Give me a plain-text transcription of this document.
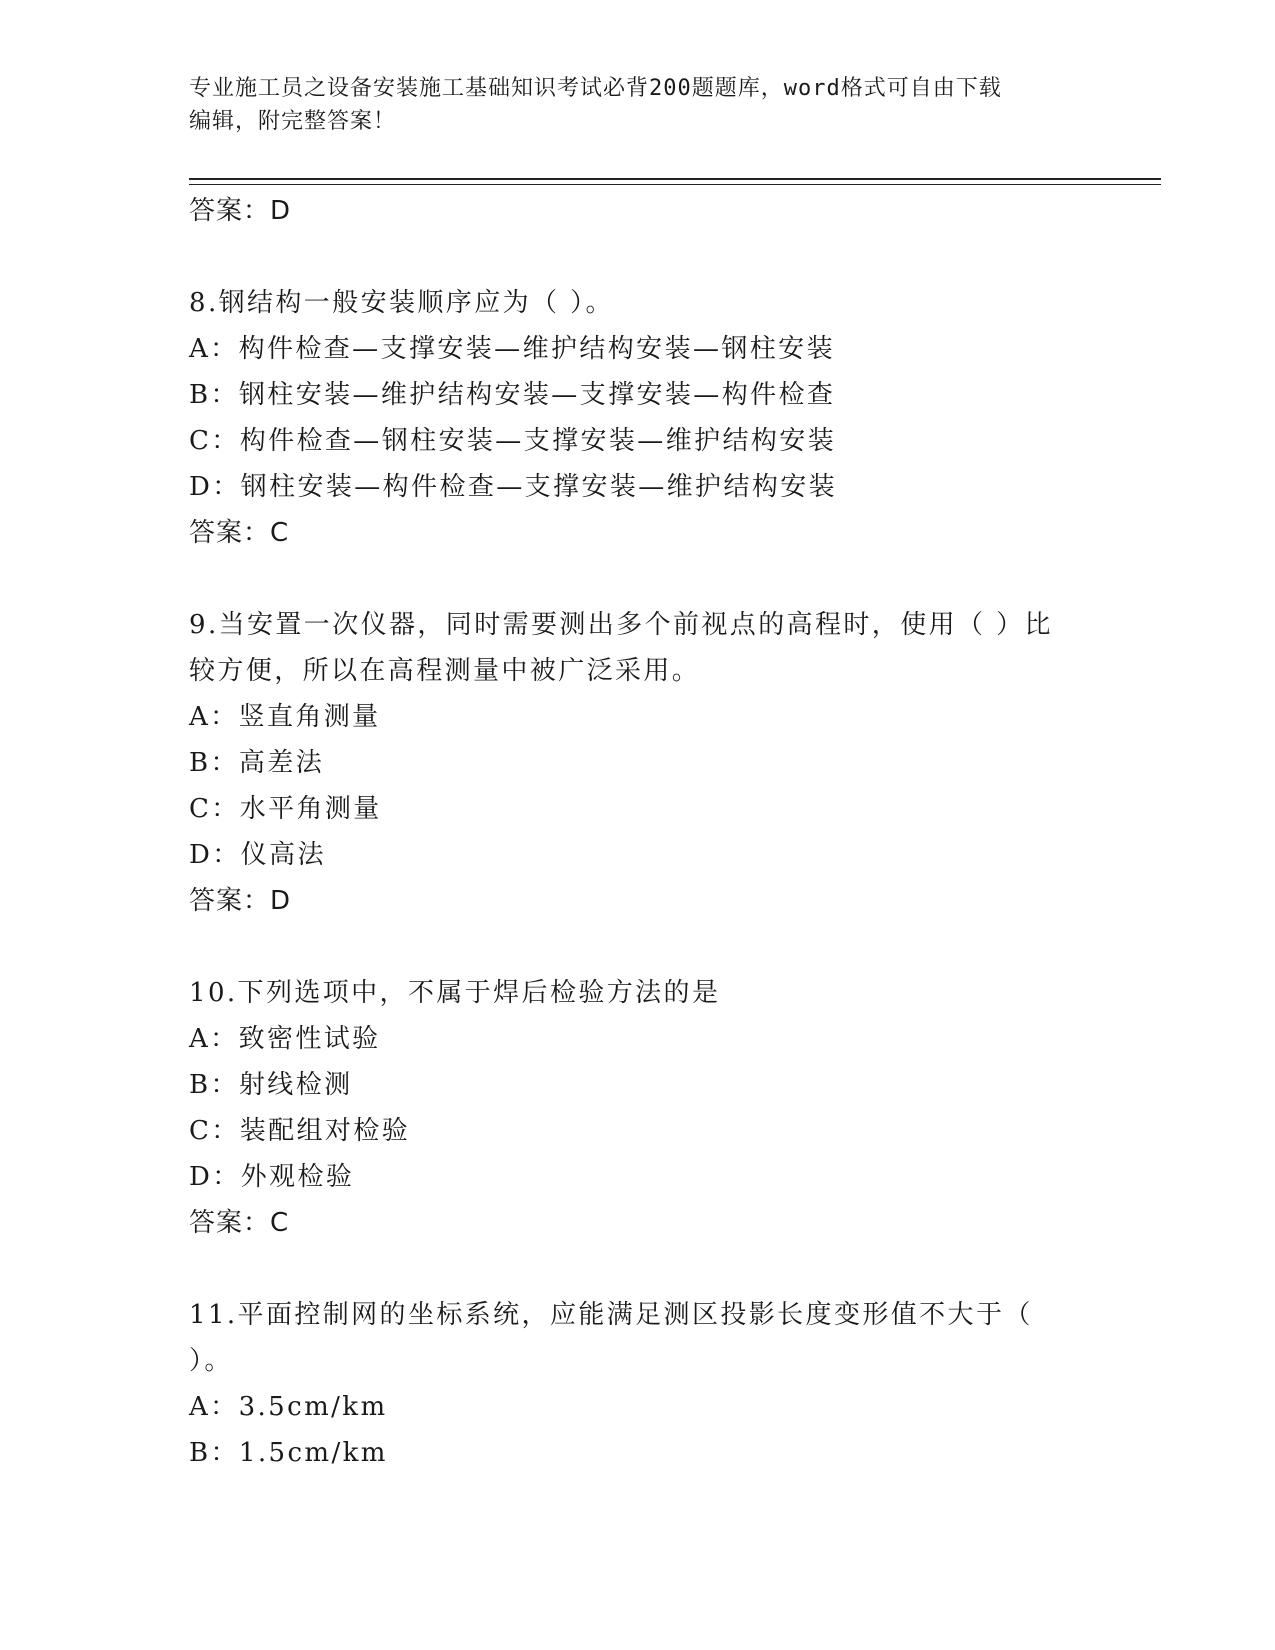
专业施工员之设备安装施工基础知识考试必背200题题库，word格式可自由下载
编辑，附完整答案！
答案：D
8.钢结构一般安装顺序应为（ ）。
A：构件检查—支撑安装—维护结构安装—钢柱安装
B：钢柱安装—维护结构安装—支撑安装—构件检查
C：构件检查—钢柱安装—支撑安装—维护结构安装
D：钢柱安装—构件检查—支撑安装—维护结构安装
答案：C
9.当安置一次仪器，同时需要测出多个前视点的高程时，使用（ ）比
较方便，所以在高程测量中被广泛采用。
A：竖直角测量
B：高差法
C：水平角测量
D：仪高法
答案：D
10.下列选项中，不属于焊后检验方法的是
A：致密性试验
B：射线检测
C：装配组对检验
D：外观检验
答案：C
11.平面控制网的坐标系统，应能满足测区投影长度变形值不大于（
）。
A：3.5cm/km
B：1.5cm/km
